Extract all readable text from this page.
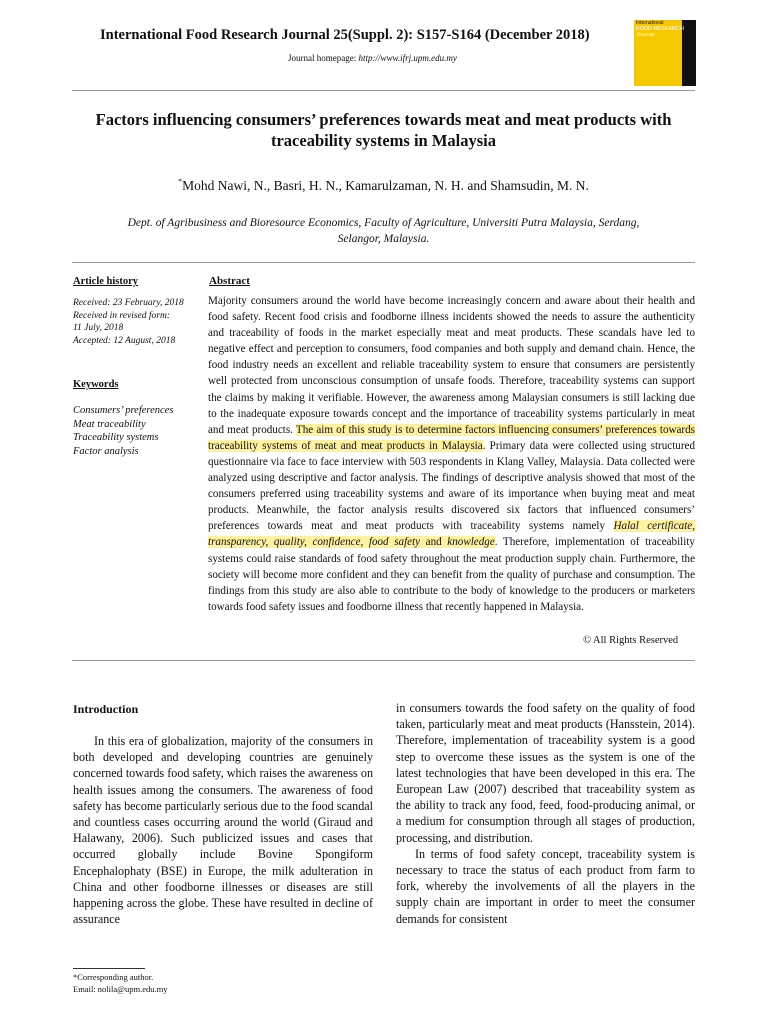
International Food Research Journal 25(Suppl. 2): S157-S164 (December 2018)
Journal homepage: http://www.ifrj.upm.edu.my
International
FOOD RESEARCH
Journal
Factors influencing consumers’ preferences towards meat and meat products with traceability systems in Malaysia
*Mohd Nawi, N., Basri, H. N., Kamarulzaman, N. H. and Shamsudin, M. N.
Dept. of Agribusiness and Bioresource Economics, Faculty of Agriculture, Universiti Putra Malaysia, Serdang, Selangor, Malaysia.
Article history
Received: 23 February, 2018
Received in revised form:
11 July, 2018
Accepted: 12 August, 2018
Keywords
Consumers’ preferences
Meat traceability
Traceability systems
Factor analysis
Abstract
Majority consumers around the world have become increasingly concern and aware about their health and food safety. Recent food crisis and foodborne illness incidents showed the needs to assure the authenticity and traceability of foods in the market especially meat and meat products. These scandals have led to negative effect and perception to consumers, food companies and both supply and demand chain. Hence, the food industry needs an excellent and reliable traceability system to ensure that consumers are persistently well protected from unconscious consumption of unsafe foods. Therefore, traceability systems can support the claims by making it verifiable. However, the awareness among Malaysian consumers is still lacking due to the inadequate exposure towards concept and the importance of traceability systems particularly in meat and meat products. The aim of this study is to determine factors influencing consumers’ preferences towards traceability systems of meat and meat products in Malaysia. Primary data were collected using structured questionnaire via face to face interview with 503 respondents in Klang Valley, Malaysia. Data collected were analyzed using descriptive and factor analysis. The findings of descriptive analysis showed that most of the consumers preferred using traceability systems and aware of its importance when buying meat and meat products. Meanwhile, the factor analysis results discovered six factors that influenced consumers’ preferences towards meat and meat products with traceability systems namely Halal certificate, transparency, quality, confidence, food safety and knowledge. Therefore, implementation of traceability systems could raise standards of food safety throughout the meat production supply chain. Furthermore, the society will become more confident and they can benefit from the quality of purchase and consumption. The findings from this study are also able to contribute to the body of knowledge to the producers or marketers towards food safety issues and foodborne illness that recently happened in Malaysia.
© All Rights Reserved
Introduction
In this era of globalization, majority of the consumers in both developed and developing countries are genuinely concerned towards food safety, which raises the awareness on health issues among the consumers. The awareness of food safety has become particularly serious due to the food scandal and countless cases occurring around the world (Giraud and Halawany, 2006). Such publicized issues and cases that occurred globally include Bovine Spongiform Encephalophaty (BSE) in Europe, the milk adulteration in China and other foodborne illnesses or diseases are still happening across the globe. These have resulted in decline of assurance

in consumers towards the food safety on the quality of food taken, particularly meat and meat products (Hansstein, 2014). Therefore, implementation of traceability system is a good step to overcome these issues as the system is one of the latest technologies that have been developed in this era. The European Law (2007) described that traceability system as the ability to track any food, feed, food-producing animal, or a medium for consumption through all stages of production, processing, and distribution.

In terms of food safety concept, traceability system is necessary to trace the status of each product from farm to fork, whereby the involvements of all the players in the supply chain are important in order to meet the consumer demands for consistent

*Corresponding author.
Email: nolila@upm.edu.my
